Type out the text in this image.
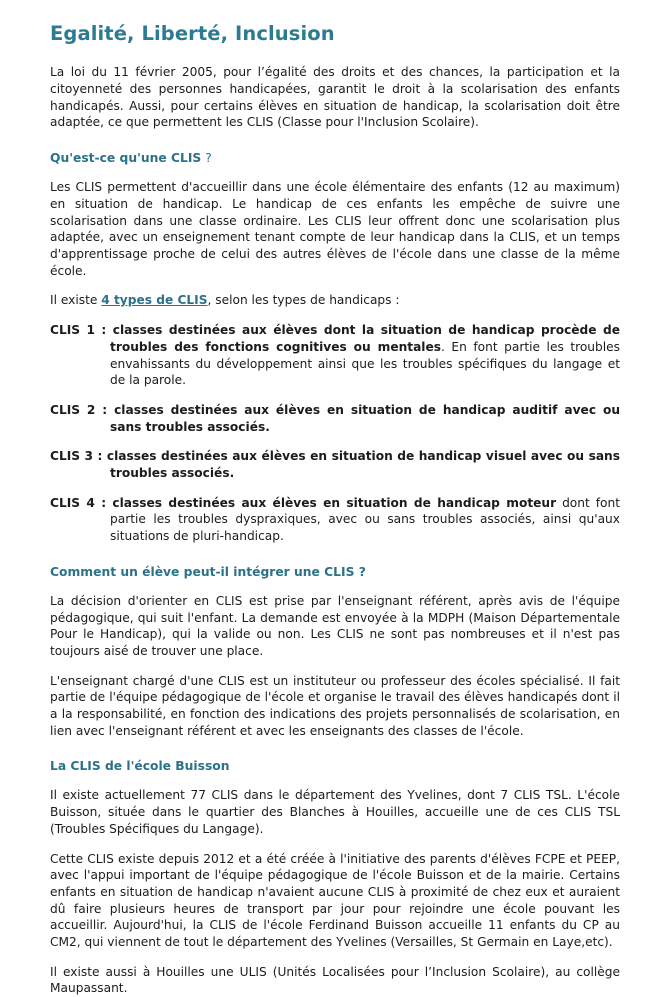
Egalité, Liberté, Inclusion

La loi du 11 février 2005, pour l’égalité des droits et des chances, la participation et la citoyenneté des personnes handicapées, garantit le droit à la scolarisation des enfants handicapés. Aussi, pour certains élèves en situation de handicap, la scolarisation doit être adaptée, ce que permettent les CLIS (Classe pour l'Inclusion Scolaire).

Qu'est-ce qu'une CLIS ?

Les CLIS permettent d'accueillir dans une école élémentaire des enfants (12 au maximum) en situation de handicap. Le handicap de ces enfants les empêche de suivre une scolarisation dans une classe ordinaire. Les CLIS leur offrent donc une scolarisation plus adaptée, avec un enseignement tenant compte de leur handicap dans la CLIS, et un temps d'apprentissage proche de celui des autres élèves de l'école dans une classe de la même école.

Il existe 4 types de CLIS, selon les types de handicaps :

CLIS 1 : classes destinées aux élèves dont la situation de handicap procède de troubles des fonctions cognitives ou mentales. En font partie les troubles envahissants du développement ainsi que les troubles spécifiques du langage et de la parole.
CLIS 2 : classes destinées aux élèves en situation de handicap auditif avec ou sans troubles associés.
CLIS 3 : classes destinées aux élèves en situation de handicap visuel avec ou sans troubles associés.
CLIS 4 : classes destinées aux élèves en situation de handicap moteur dont font partie les troubles dyspraxiques, avec ou sans troubles associés, ainsi qu'aux situations de pluri-handicap.
Comment un élève peut-il intégrer une CLIS ?

La décision d'orienter en CLIS est prise par l'enseignant référent, après avis de l'équipe pédagogique, qui suit l'enfant. La demande est envoyée à la MDPH (Maison Départementale Pour le Handicap), qui la valide ou non. Les CLIS ne sont pas nombreuses et il n'est pas toujours aisé de trouver une place.

L'enseignant chargé d'une CLIS est un instituteur ou professeur des écoles spécialisé. Il fait partie de l'équipe pédagogique de l'école et organise le travail des élèves handicapés dont il a la responsabilité, en fonction des indications des projets personnalisés de scolarisation, en lien avec l'enseignant référent et avec les enseignants des classes de l'école.

La CLIS de l'école Buisson

Il existe actuellement 77 CLIS dans le département des Yvelines, dont 7 CLIS TSL. L'école Buisson, située dans le quartier des Blanches à Houilles, accueille une de ces CLIS TSL (Troubles Spécifiques du Langage).

Cette CLIS existe depuis 2012 et a été créée à l'initiative des parents d'élèves FCPE et PEEP, avec l'appui important de l'équipe pédagogique de l'école Buisson et de la mairie. Certains enfants en situation de handicap n'avaient aucune CLIS à proximité de chez eux et auraient dû faire plusieurs heures de transport par jour pour rejoindre une école pouvant les accueillir. Aujourd'hui, la CLIS de l'école Ferdinand Buisson accueille 11 enfants du CP au CM2, qui viennent de tout le département des Yvelines (Versailles, St Germain en Laye,etc).

Il existe aussi à Houilles une ULIS (Unités Localisées pour l’Inclusion Scolaire), au collège Maupassant.
